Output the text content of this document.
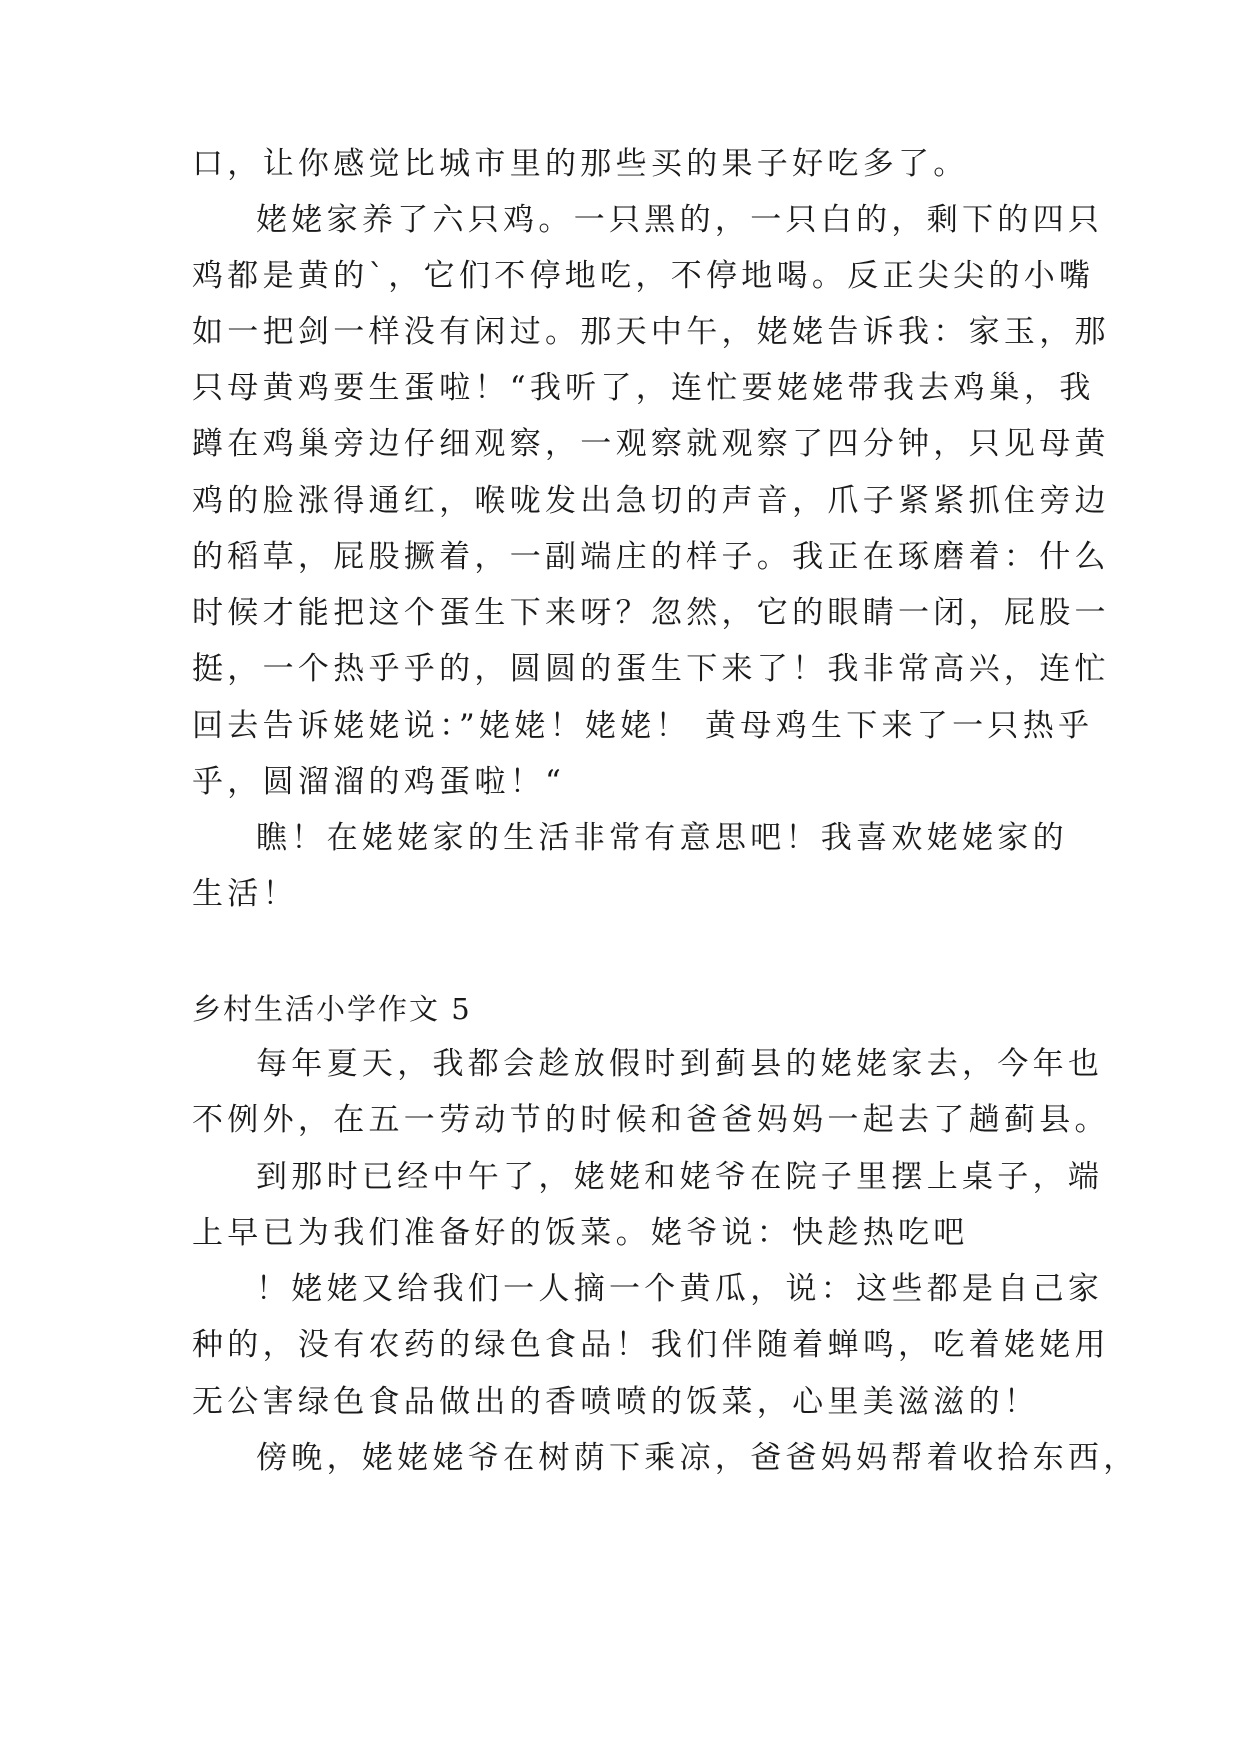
口，让你感觉比城市里的那些买的果子好吃多了。
姥姥家养了六只鸡。一只黑的，一只白的，剩下的四只
鸡都是黄的`，它们不停地吃，不停地喝。反正尖尖的小嘴
如一把剑一样没有闲过。那天中午，姥姥告诉我：家玉，那
只母黄鸡要生蛋啦！“我听了，连忙要姥姥带我去鸡巢，我
蹲在鸡巢旁边仔细观察，一观察就观察了四分钟，只见母黄
鸡的脸涨得通红，喉咙发出急切的声音，爪子紧紧抓住旁边
的稻草，屁股撅着，一副端庄的样子。我正在琢磨着：什么
时候才能把这个蛋生下来呀？忽然，它的眼睛一闭，屁股一
挺，一个热乎乎的，圆圆的蛋生下来了！我非常高兴，连忙
回去告诉姥姥说：”姥姥！姥姥！ 黄母鸡生下来了一只热乎
乎，圆溜溜的鸡蛋啦！“
瞧！在姥姥家的生活非常有意思吧！我喜欢姥姥家的
生活！
乡村生活小学作文 5
每年夏天，我都会趁放假时到蓟县的姥姥家去，今年也
不例外，在五一劳动节的时候和爸爸妈妈一起去了趟蓟县。
到那时已经中午了，姥姥和姥爷在院子里摆上桌子，端
上早已为我们准备好的饭菜。姥爷说：快趁热吃吧
！姥姥又给我们一人摘一个黄瓜，说：这些都是自己家
种的，没有农药的绿色食品！我们伴随着蝉鸣，吃着姥姥用
无公害绿色食品做出的香喷喷的饭菜，心里美滋滋的！
傍晚，姥姥姥爷在树荫下乘凉，爸爸妈妈帮着收拾东西，
